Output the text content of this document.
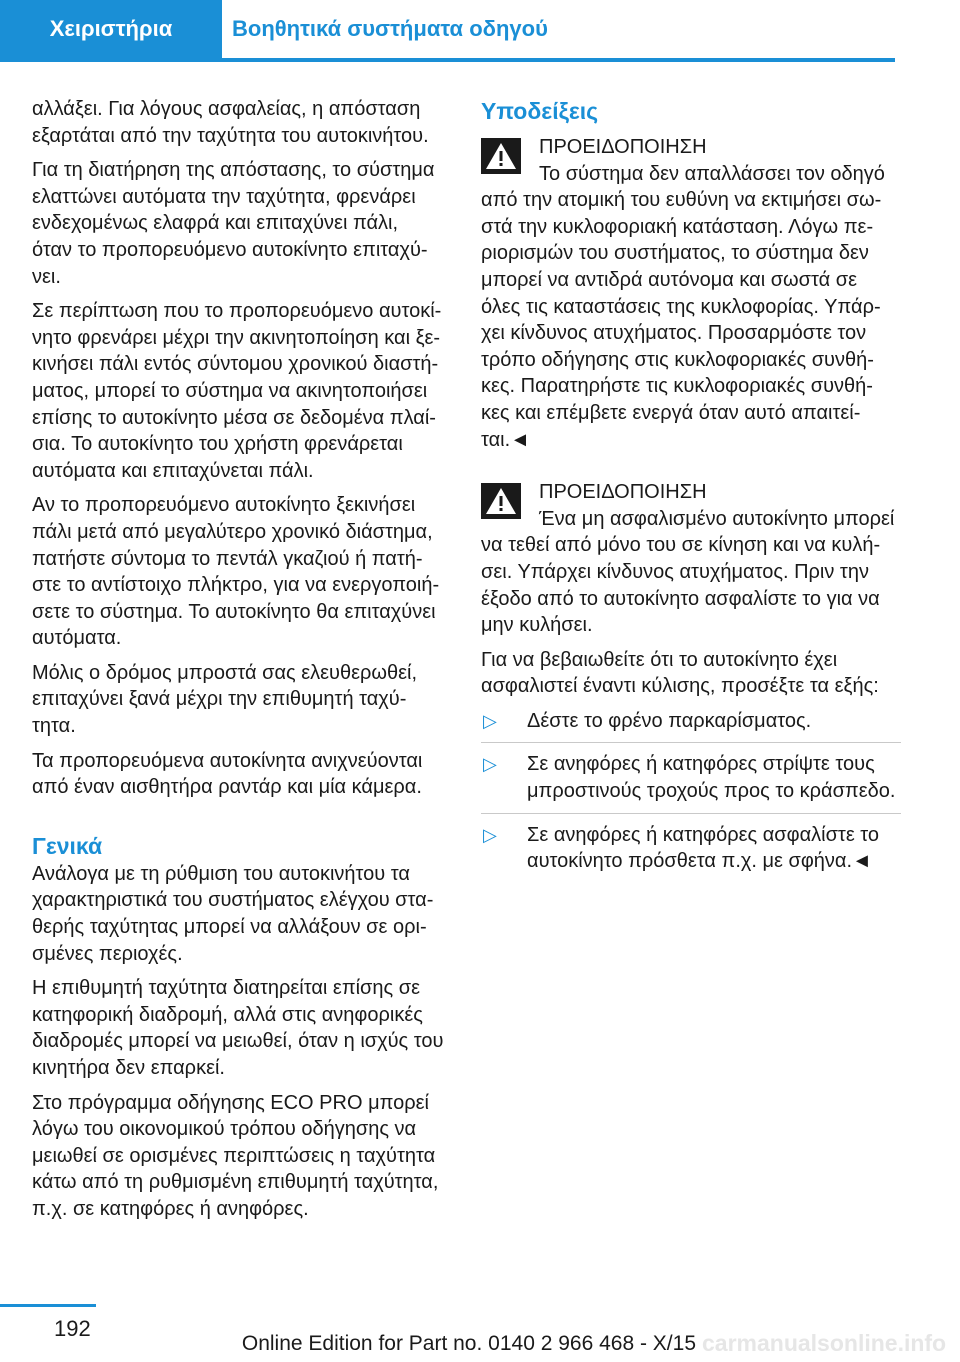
Χειριστήρια	Βοηθητικά συστήματα οδηγού

αλλάξει. Για λόγους ασφαλείας, η απόσταση
εξαρτάται από την ταχύτητα του αυτοκινήτου.

Για τη διατήρηση της απόστασης, το σύστημα
ελαττώνει αυτόματα την ταχύτητα, φρενάρει
ενδεχομένως ελαφρά και επιταχύνει πάλι,
όταν το προπορευόμενο αυτοκίνητο επιταχύ-
νει.

Σε περίπτωση που το προπορευόμενο αυτοκί-
νητο φρενάρει μέχρι την ακινητοποίηση και ξε-
κινήσει πάλι εντός σύντομου χρονικού διαστή-
ματος, μπορεί το σύστημα να ακινητοποιήσει
επίσης το αυτοκίνητο μέσα σε δεδομένα πλαί-
σια. Το αυτοκίνητο του χρήστη φρενάρεται
αυτόματα και επιταχύνεται πάλι.

Αν το προπορευόμενο αυτοκίνητο ξεκινήσει
πάλι μετά από μεγαλύτερο χρονικό διάστημα,
πατήστε σύντομα το πεντάλ γκαζιού ή πατή-
στε το αντίστοιχο πλήκτρο, για να ενεργοποιή-
σετε το σύστημα. Το αυτοκίνητο θα επιταχύνει
αυτόματα.

Μόλις ο δρόμος μπροστά σας ελευθερωθεί,
επιταχύνει ξανά μέχρι την επιθυμητή ταχύ-
τητα.

Τα προπορευόμενα αυτοκίνητα ανιχνεύονται
από έναν αισθητήρα ραντάρ και μία κάμερα.

Γενικά

Ανάλογα με τη ρύθμιση του αυτοκινήτου τα
χαρακτηριστικά του συστήματος ελέγχου στα-
θερής ταχύτητας μπορεί να αλλάξουν σε ορι-
σμένες περιοχές.

Η επιθυμητή ταχύτητα διατηρείται επίσης σε
κατηφορική διαδρομή, αλλά στις ανηφορικές
διαδρομές μπορεί να μειωθεί, όταν η ισχύς του
κινητήρα δεν επαρκεί.

Στο πρόγραμμα οδήγησης ECO PRO μπορεί
λόγω του οικονομικού τρόπου οδήγησης να
μειωθεί σε ορισμένες περιπτώσεις η ταχύτητα
κάτω από τη ρυθμισμένη επιθυμητή ταχύτητα,
π.χ. σε κατηφόρες ή ανηφόρες.

Υποδείξεις
ΠΡΟΕΙΔΟΠΟΙΗΣΗ
Το σύστημα δεν απαλλάσσει τον οδηγό

από την ατομική του ευθύνη να εκτιμήσει σω-
στά την κυκλοφοριακή κατάσταση. Λόγω πε-
ριορισμών του συστήματος, το σύστημα δεν
μπορεί να αντιδρά αυτόνομα και σωστά σε
όλες τις καταστάσεις της κυκλοφορίας. Υπάρ-
χει κίνδυνος ατυχήματος. Προσαρμόστε τον
τρόπο οδήγησης στις κυκλοφοριακές συνθή-
κες. Παρατηρήστε τις κυκλοφοριακές συνθή-
κες και επέμβετε ενεργά όταν αυτό απαιτεί-
ται.◄

ΠΡΟΕΙΔΟΠΟΙΗΣΗ
Ένα μη ασφαλισμένο αυτοκίνητο μπορεί

να τεθεί από μόνο του σε κίνηση και να κυλή-
σει. Υπάρχει κίνδυνος ατυχήματος. Πριν την
έξοδο από το αυτοκίνητο ασφαλίστε το για να
μην κυλήσει.

Για να βεβαιωθείτε ότι το αυτοκίνητο έχει
ασφαλιστεί έναντι κύλισης, προσέξτε τα εξής:

▷ Δέστε το φρένο παρκαρίσματος.
▷ Σε ανηφόρες ή κατηφόρες στρίψτε τους
μπροστινούς τροχούς προς το κράσπεδο.
▷ Σε ανηφόρες ή κατηφόρες ασφαλίστε το
αυτοκίνητο πρόσθετα π.χ. με σφήνα.◄
192
carmanualsonline.info
Online Edition for Part no. 0140 2 966 468 - X/15
